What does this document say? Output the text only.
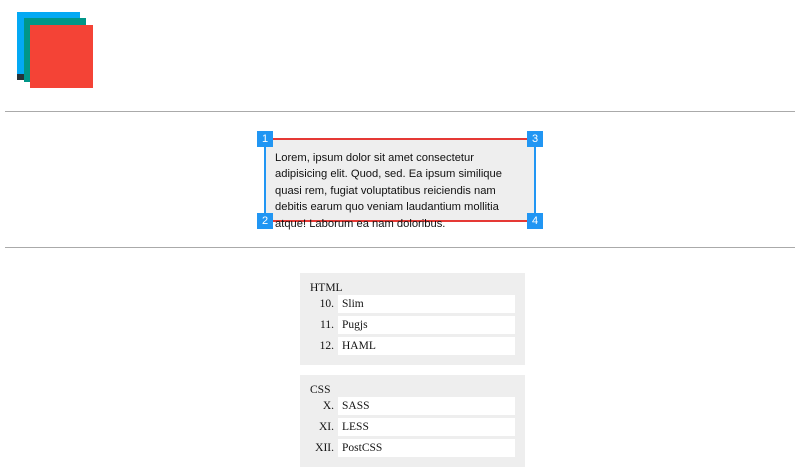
Lorem, ipsum dolor sit amet consectetur adipisicing elit. Quod, sed. Ea ipsum similique quasi rem, fugiat voluptatibus reiciendis nam debitis earum quo veniam laudantium mollitia atque! Laborum ea nam doloribus.
1
2
3
4
HTML
10. Slim
11. Pugjs
12. HAML
CSS
X. SASS
XI. LESS
XII. PostCSS
